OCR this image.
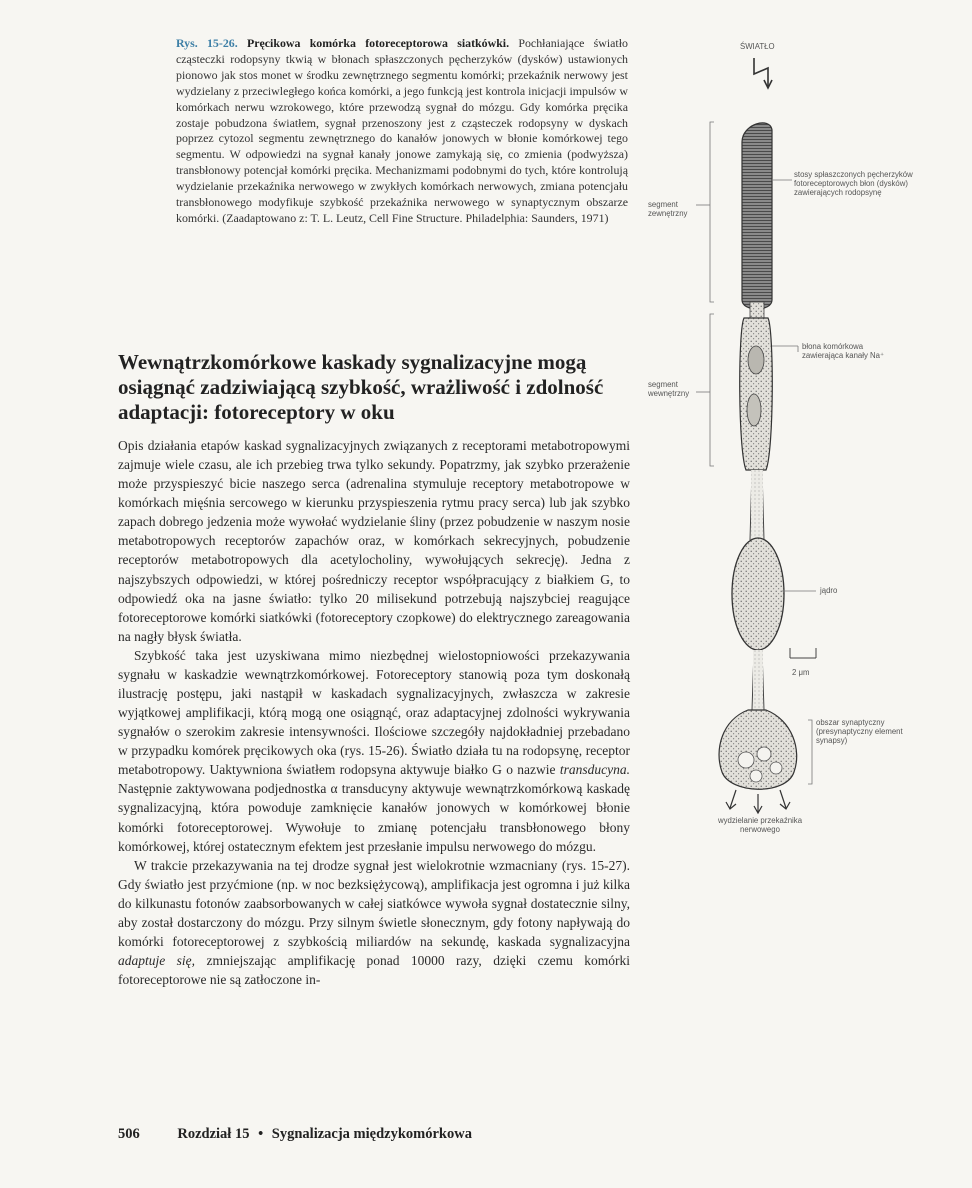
Rys. 15-26. Pręcikowa komórka fotoreceptorowa siatkówki. Pochłaniające światło cząsteczki rodopsyny tkwią w błonach spłaszczonych pęcherzyków (dysków) ustawionych pionowo jak stos monet w środku zewnętrznego segmentu komórki; przekaźnik nerwowy jest wydzielany z przeciwległego końca komórki, a jego funkcją jest kontrola inicjacji impulsów w komórkach nerwu wzrokowego, które przewodzą sygnał do mózgu. Gdy komórka pręcika zostaje pobudzona światłem, sygnał przenoszony jest z cząsteczek rodopsyny w dyskach poprzez cytozol segmentu zewnętrznego do kanałów jonowych w błonie komórkowej tego segmentu. W odpowiedzi na sygnał kanały jonowe zamykają się, co zmienia (podwyższa) transbłonowy potencjał komórki pręcika. Mechanizmami podobnymi do tych, które kontrolują wydzielanie przekaźnika nerwowego w zwykłych komórkach nerwowych, zmiana potencjału transbłonowego modyfikuje szybkość przekaźnika nerwowego w synaptycznym obszarze komórki. (Zaadaptowano z: T. L. Leutz, Cell Fine Structure. Philadelphia: Saunders, 1971)
Wewnątrzkomórkowe kaskady sygnalizacyjne mogą osiągnąć zadziwiającą szybkość, wrażliwość i zdolność adaptacji: fotoreceptory w oku

Opis działania etapów kaskad sygnalizacyjnych związanych z receptorami metabotropowymi zajmuje wiele czasu, ale ich przebieg trwa tylko sekundy. Popatrzmy, jak szybko przerażenie może przyspieszyć bicie naszego serca (adrenalina stymuluje receptory metabotropowe w komórkach mięśnia sercowego w kierunku przyspieszenia rytmu pracy serca) lub jak szybko zapach dobrego jedzenia może wywołać wydzielanie śliny (przez pobudzenie w naszym nosie metabotropowych receptorów zapachów oraz, w komórkach sekrecyjnych, pobudzenie receptorów metabotropowych dla acetylocholiny, wywołujących sekrecję). Jedna z najszybszych odpowiedzi, w której pośredniczy receptor współpracujący z białkiem G, to odpowiedź oka na jasne światło: tylko 20 milisekund potrzebują najszybciej reagujące fotoreceptorowe komórki siatkówki (fotoreceptory czopkowe) do elektrycznego zareagowania na nagły błysk światła.

Szybkość taka jest uzyskiwana mimo niezbędnej wielostopniowości przekazywania sygnału w kaskadzie wewnątrzkomórkowej. Fotoreceptory stanowią poza tym doskonałą ilustrację postępu, jaki nastąpił w kaskadach sygnalizacyjnych, zwłaszcza w zakresie wyjątkowej amplifikacji, którą mogą one osiągnąć, oraz adaptacyjnej zdolności wykrywania sygnałów o szerokim zakresie intensywności. Ilościowe szczegóły najdokładniej przebadano w przypadku komórek pręcikowych oka (rys. 15-26). Światło działa tu na rodopsynę, receptor metabotropowy. Uaktywniona światłem rodopsyna aktywuje białko G o nazwie transducyna. Następnie zaktywowana podjednostka α transducyny aktywuje wewnątrzkomórkową kaskadę sygnalizacyjną, która powoduje zamknięcie kanałów jonowych w komórkowej błonie komórki fotoreceptorowej. Wywołuje to zmianę potencjału transbłonowego błony komórkowej, której ostatecznym efektem jest przesłanie impulsu nerwowego do mózgu.

W trakcie przekazywania na tej drodze sygnał jest wielokrotnie wzmacniany (rys. 15-27). Gdy światło jest przyćmione (np. w noc bezksiężycową), amplifikacja jest ogromna i już kilka do kilkunastu fotonów zaabsorbowanych w całej siatkówce wywoła sygnał dostatecznie silny, aby został dostarczony do mózgu. Przy silnym świetle słonecznym, gdy fotony napływają do komórki fotoreceptorowej z szybkością miliardów na sekundę, kaskada sygnalizacyjna adaptuje się, zmniejszając amplifikację ponad 10000 razy, dzięki czemu komórki fotoreceptorowe nie są zatłoczone in-

506	Rozdział 15 • Sygnalizacja międzykomórkowa
ŚWIATŁO
segment zewnętrzny
stosy spłaszczonych pęcherzyków fotoreceptorowych błon (dysków) zawierających rodopsynę
błona komórkowa zawierająca kanały Na⁺
segment wewnętrzny
jądro
2 μm
obszar synaptyczny (presynaptyczny element synapsy)
wydzielanie przekaźnika nerwowego
